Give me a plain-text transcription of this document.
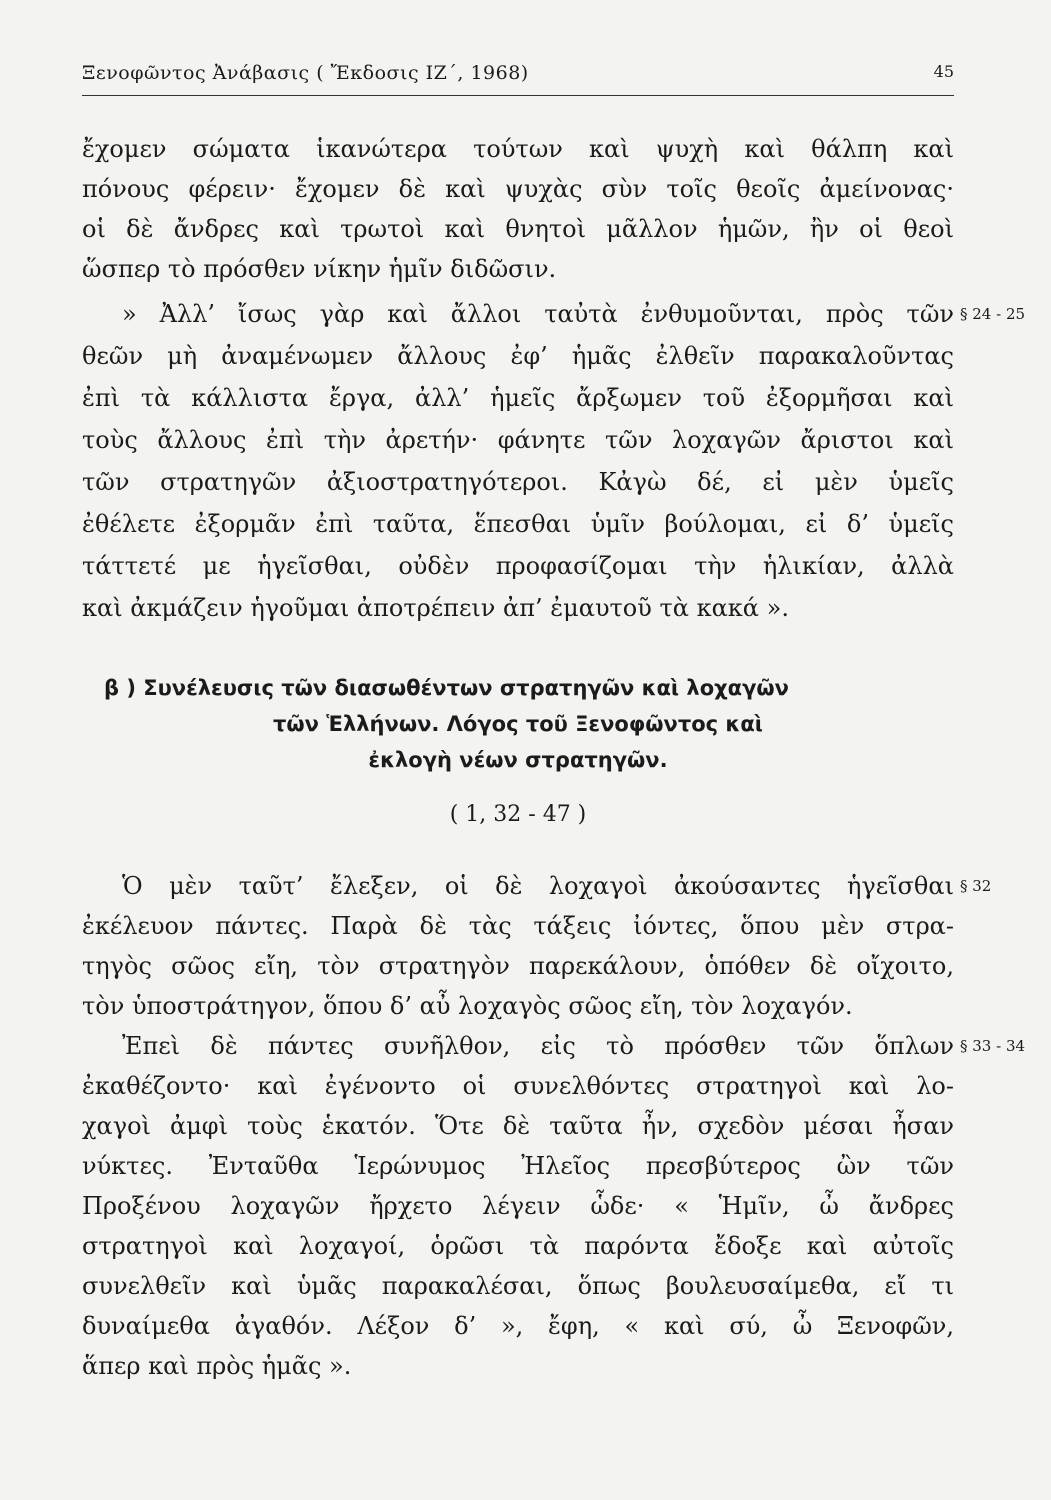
Ξενοφῶντος Ἀνάβασις ( Ἔκδοσις ΙΖ΄, 1968)	45
ἔχομεν σώματα ἱκανώτερα τούτων καὶ ψυχὴ καὶ θάλπη καὶ
πόνους φέρειν· ἔχομεν δὲ καὶ ψυχὰς σὺν τοῖς θεοῖς ἀμείνονας·
οἱ δὲ ἄνδρες καὶ τρωτοὶ καὶ θνητοὶ μᾶλλον ἡμῶν, ἢν οἱ θεοὶ
ὥσπερ τὸ πρόσθεν νίκην ἡμῖν διδῶσιν.
» Ἀλλ’ ἴσως γὰρ καὶ ἄλλοι ταὐτὰ ἐνθυμοῦνται, πρὸς τῶν § 24 - 25
θεῶν μὴ ἀναμένωμεν ἄλλους ἐφ’ ἡμᾶς ἐλθεῖν παρακαλοῦντας
ἐπὶ τὰ κάλλιστα ἔργα, ἀλλ’ ἡμεῖς ἄρξωμεν τοῦ ἐξορμῆσαι καὶ
τοὺς ἄλλους ἐπὶ τὴν ἀρετήν· φάνητε τῶν λοχαγῶν ἄριστοι καὶ
τῶν στρατηγῶν ἀξιοστρατηγότεροι. Κἀγὼ δέ, εἰ μὲν ὑμεῖς
ἐθέλετε ἐξορμᾶν ἐπὶ ταῦτα, ἕπεσθαι ὑμῖν βούλομαι, εἰ δ’ ὑμεῖς
τάττετέ με ἡγεῖσθαι, οὐδὲν προφασίζομαι τὴν ἡλικίαν, ἀλλὰ
καὶ ἀκμάζειν ἡγοῦμαι ἀποτρέπειν ἀπ’ ἐμαυτοῦ τὰ κακά ».
β ) Συνέλευσις τῶν διασωθέντων στρατηγῶν καὶ λοχαγῶν
τῶν Ἑλλήνων. Λόγος τοῦ Ξενοφῶντος καὶ
ἐκλογὴ νέων στρατηγῶν.
( 1, 32 - 47 )
Ὁ μὲν ταῦτ’ ἔλεξεν, οἱ δὲ λοχαγοὶ ἀκούσαντες ἡγεῖσθαι § 32
ἐκέλευον πάντες. Παρὰ δὲ τὰς τάξεις ἰόντες, ὅπου μὲν στρα-
τηγὸς σῶος εἴη, τὸν στρατηγὸν παρεκάλουν, ὁπόθεν δὲ οἴχοιτο,
τὸν ὑποστράτηγον, ὅπου δ’ αὖ λοχαγὸς σῶος εἴη, τὸν λοχαγόν.
Ἐπεὶ δὲ πάντες συνῆλθον, εἰς τὸ πρόσθεν τῶν ὅπλων § 33 - 34
ἐκαθέζοντο· καὶ ἐγένοντο οἱ συνελθόντες στρατηγοὶ καὶ λο-
χαγοὶ ἀμφὶ τοὺς ἑκατόν. Ὅτε δὲ ταῦτα ἦν, σχεδὸν μέσαι ἦσαν
νύκτες. Ἐνταῦθα Ἱερώνυμος Ἠλεῖος πρεσβύτερος ὢν τῶν
Προξένου λοχαγῶν ἤρχετο λέγειν ὧδε· « Ἡμῖν, ὦ ἄνδρες
στρατηγοὶ καὶ λοχαγοί, ὁρῶσι τὰ παρόντα ἔδοξε καὶ αὐτοῖς
συνελθεῖν καὶ ὑμᾶς παρακαλέσαι, ὅπως βουλευσαίμεθα, εἴ τι
δυναίμεθα ἀγαθόν. Λέξον δ’ », ἔφη, « καὶ σύ, ὦ Ξενοφῶν,
ἅπερ καὶ πρὸς ἡμᾶς ».
